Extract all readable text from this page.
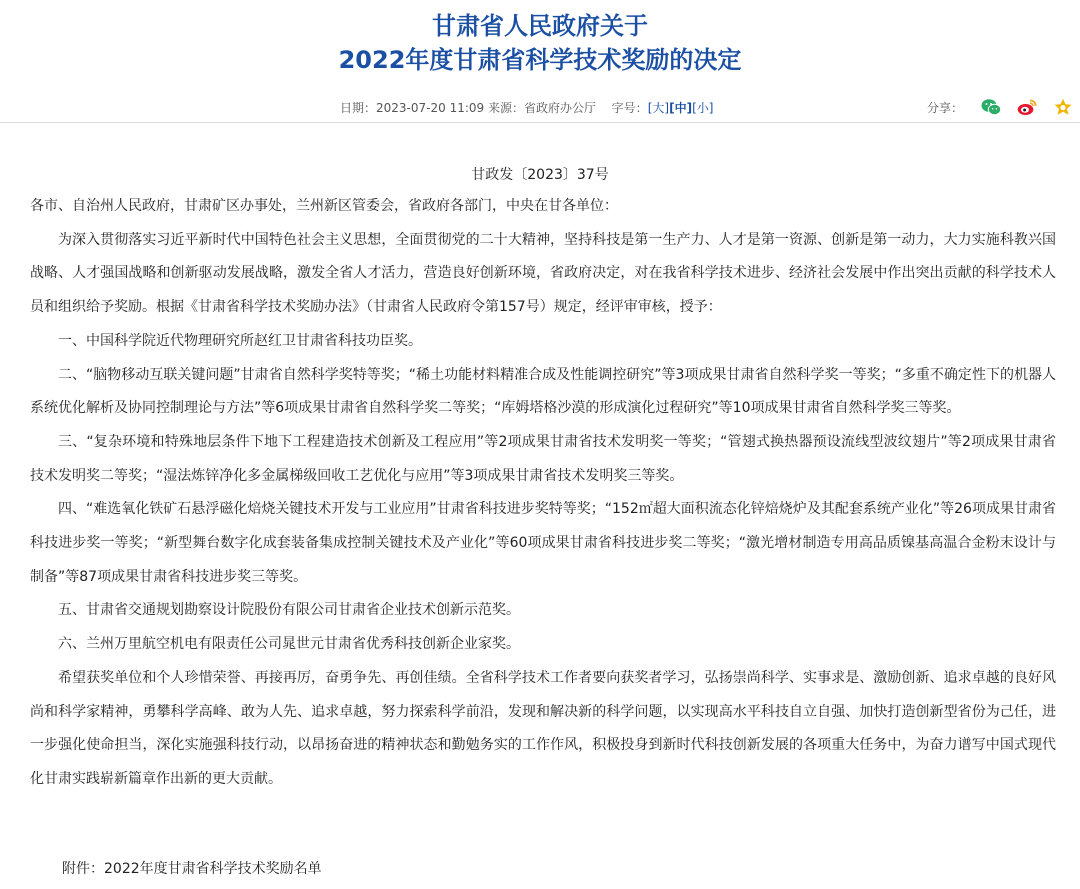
甘肃省人民政府关于
2022年度甘肃省科学技术奖励的决定
日期：2023-07-20 11:09 来源：省政府办公厅 字号：[大][中][小]	分享：
甘政发〔2023〕37号

各市、自治州人民政府，甘肃矿区办事处，兰州新区管委会，省政府各部门，中央在甘各单位：

为深入贯彻落实习近平新时代中国特色社会主义思想，全面贯彻党的二十大精神，坚持科技是第一生产力、人才是第一资源、创新是第一动力，大力实施科教兴国战略、人才强国战略和创新驱动发展战略，激发全省人才活力，营造良好创新环境，省政府决定，对在我省科学技术进步、经济社会发展中作出突出贡献的科学技术人员和组织给予奖励。根据《甘肃省科学技术奖励办法》（甘肃省人民政府令第157号）规定，经评审审核，授予：

一、中国科学院近代物理研究所赵红卫甘肃省科技功臣奖。

二、“脑物移动互联关键问题”甘肃省自然科学奖特等奖；“稀土功能材料精准合成及性能调控研究”等3项成果甘肃省自然科学奖一等奖；“多重不确定性下的机器人系统优化解析及协同控制理论与方法”等6项成果甘肃省自然科学奖二等奖；“库姆塔格沙漠的形成演化过程研究”等10项成果甘肃省自然科学奖三等奖。

三、“复杂环境和特殊地层条件下地下工程建造技术创新及工程应用”等2项成果甘肃省技术发明奖一等奖；“管翅式换热器预设流线型波纹翅片”等2项成果甘肃省技术发明奖二等奖；“湿法炼锌净化多金属梯级回收工艺优化与应用”等3项成果甘肃省技术发明奖三等奖。

四、“难选氧化铁矿石悬浮磁化焙烧关键技术开发与工业应用”甘肃省科技进步奖特等奖；“152㎡超大面积流态化锌焙烧炉及其配套系统产业化”等26项成果甘肃省科技进步奖一等奖；“新型舞台数字化成套装备集成控制关键技术及产业化”等60项成果甘肃省科技进步奖二等奖；“激光增材制造专用高品质镍基高温合金粉末设计与制备”等87项成果甘肃省科技进步奖三等奖。

五、甘肃省交通规划勘察设计院股份有限公司甘肃省企业技术创新示范奖。

六、兰州万里航空机电有限责任公司晁世元甘肃省优秀科技创新企业家奖。

希望获奖单位和个人珍惜荣誉、再接再厉，奋勇争先、再创佳绩。全省科学技术工作者要向获奖者学习，弘扬崇尚科学、实事求是、激励创新、追求卓越的良好风尚和科学家精神，勇攀科学高峰、敢为人先、追求卓越，努力探索科学前沿，发现和解决新的科学问题，以实现高水平科技自立自强、加快打造创新型省份为己任，进一步强化使命担当，深化实施强科技行动，以昂扬奋进的精神状态和勤勉务实的工作作风，积极投身到新时代科技创新发展的各项重大任务中，为奋力谱写中国式现代化甘肃实践崭新篇章作出新的更大贡献。

附件：2022年度甘肃省科学技术奖励名单
